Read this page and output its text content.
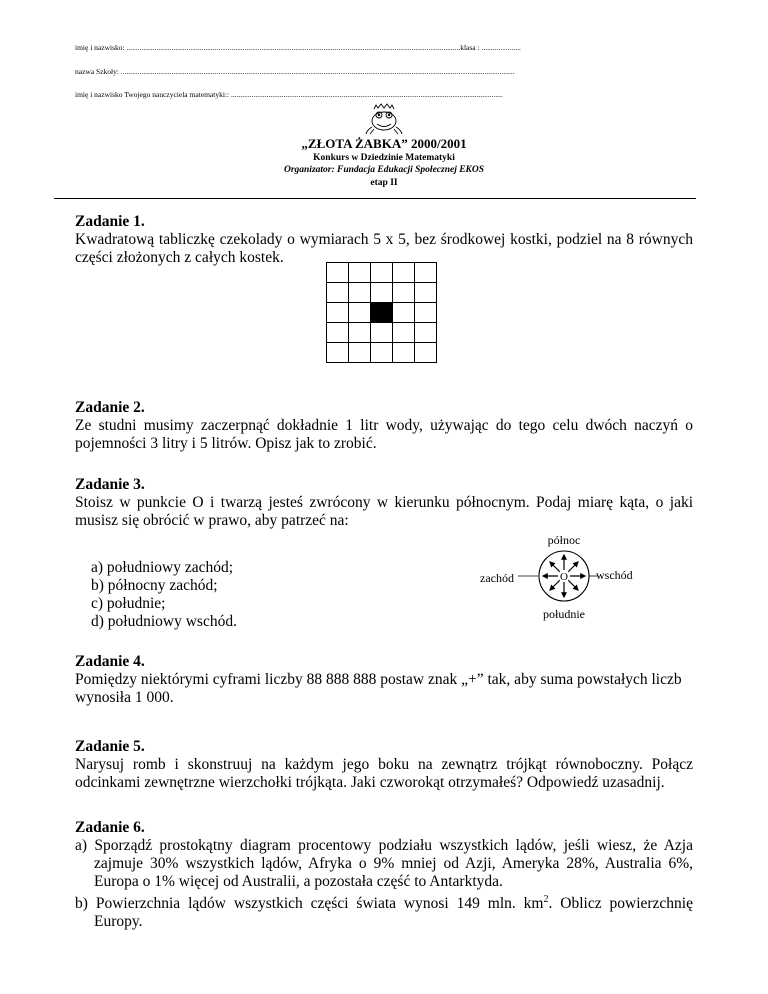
imię i nazwisko: ..................................................................................................................................................................................klasa : .....................
nazwa Szkoły: ..................................................................................................................................................................................................................
imię i nazwisko Twojego nauczyciela matematyki:: .................................................................................................................................................
„ZŁOTA ŻABKA” 2000/2001
Konkurs w Dziedzinie Matematyki
Organizator: Fundacja Edukacji Społecznej EKOS
etap II
Zadanie 1.
Kwadratową tabliczkę czekolady o wymiarach 5 x 5, bez środkowej kostki, podziel na 8 równych części złożonych z całych kostek.

Zadanie 2.
Ze studni musimy zaczerpnąć dokładnie 1 litr wody, używając do tego celu dwóch naczyń o pojemności 3 litry i 5 litrów. Opisz jak to zrobić.
Zadanie 3.
Stoisz w punkcie O i twarzą jesteś zwrócony w kierunku północnym. Podaj miarę kąta, o jaki musisz się obrócić w prawo, aby patrzeć na:
a) południowy zachód;
b) północny zachód;
c) południe;
d) południowy wschód.
północ
południe
zachód	wschód
O
Zadanie 4.
Pomiędzy niektórymi cyframi liczby 88 888 888 postaw znak „+” tak, aby suma powstałych liczb wynosiła 1 000.
Zadanie 5.
Narysuj romb i skonstruuj na każdym jego boku na zewnątrz trójkąt równoboczny. Połącz odcinkami zewnętrzne wierzchołki trójkąta. Jaki czworokąt otrzymałeś? Odpowiedź uzasadnij.
Zadanie 6.
a) Sporządź prostokątny diagram procentowy podziału wszystkich lądów, jeśli wiesz, że Azja zajmuje 30% wszystkich lądów, Afryka o 9% mniej od Azji, Ameryka 28%, Australia 6%, Europa o 1% więcej od Australii, a pozostała część to Antarktyda.
b) Powierzchnia lądów wszystkich części świata wynosi 149 mln. $km^2$. Oblicz powierzchnię Europy.
